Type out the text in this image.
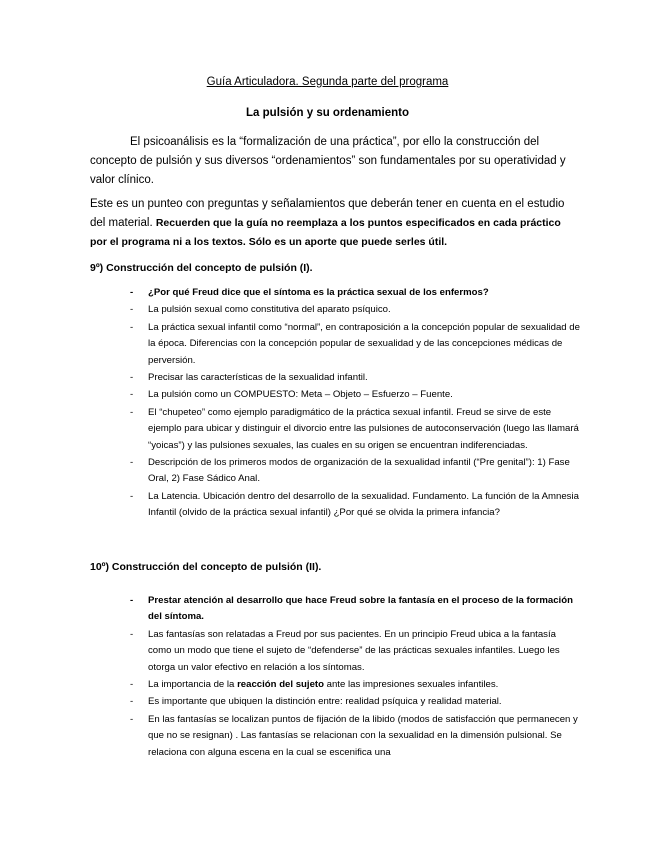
Guía Articuladora. Segunda parte del programa
La pulsión y su ordenamiento
El psicoanálisis es la “formalización de una práctica”, por ello la construcción del concepto de pulsión y sus diversos “ordenamientos” son fundamentales por su operatividad y valor clínico.
Este es un punteo con preguntas y señalamientos que deberán tener en cuenta en el estudio del material. Recuerden que la guía no reemplaza a los puntos especificados en cada práctico por el programa ni a los textos. Sólo es un aporte que puede serles útil.
9º) Construcción del concepto de pulsión (I).
- ¿Por qué Freud dice que el síntoma es la práctica sexual de los enfermos?
- La pulsión sexual como constitutiva del aparato psíquico.
- La práctica sexual infantil como “normal”, en contraposición a la concepción popular de sexualidad de la época. Diferencias con la concepción popular de sexualidad y de las concepciones médicas de perversión.
- Precisar las características de la sexualidad infantil.
- La pulsión como un COMPUESTO: Meta – Objeto – Esfuerzo – Fuente.
- El “chupeteo” como ejemplo paradigmático de la práctica sexual infantil. Freud se sirve de este ejemplo para ubicar y distinguir el divorcio entre las pulsiones de autoconservación (luego las llamará “yoicas”) y las pulsiones sexuales, las cuales en su origen se encuentran indiferenciadas.
- Descripción de los primeros modos de organización de la sexualidad infantil (“Pre genital”): 1) Fase Oral, 2) Fase Sádico Anal.
- La Latencia. Ubicación dentro del desarrollo de la sexualidad. Fundamento. La función de la Amnesia Infantil (olvido de la práctica sexual infantil) ¿Por qué se olvida la primera infancia?
10º) Construcción del concepto de pulsión (II).
- Prestar atención al desarrollo que hace Freud sobre la fantasía en el proceso de la formación del síntoma.
- Las fantasías son relatadas a Freud por sus pacientes. En un principio Freud ubica a la fantasía como un modo que tiene el sujeto de “defenderse” de las prácticas sexuales infantiles. Luego les otorga un valor efectivo en relación a los síntomas.
- La importancia de la reacción del sujeto ante las impresiones sexuales infantiles.
- Es importante que ubiquen la distinción entre: realidad psíquica y realidad material.
- En las fantasías se localizan puntos de fijación de la libido (modos de satisfacción que permanecen y que no se resignan) . Las fantasías se relacionan con la sexualidad en la dimensión pulsional. Se relaciona con alguna escena en la cual se escenifica una
